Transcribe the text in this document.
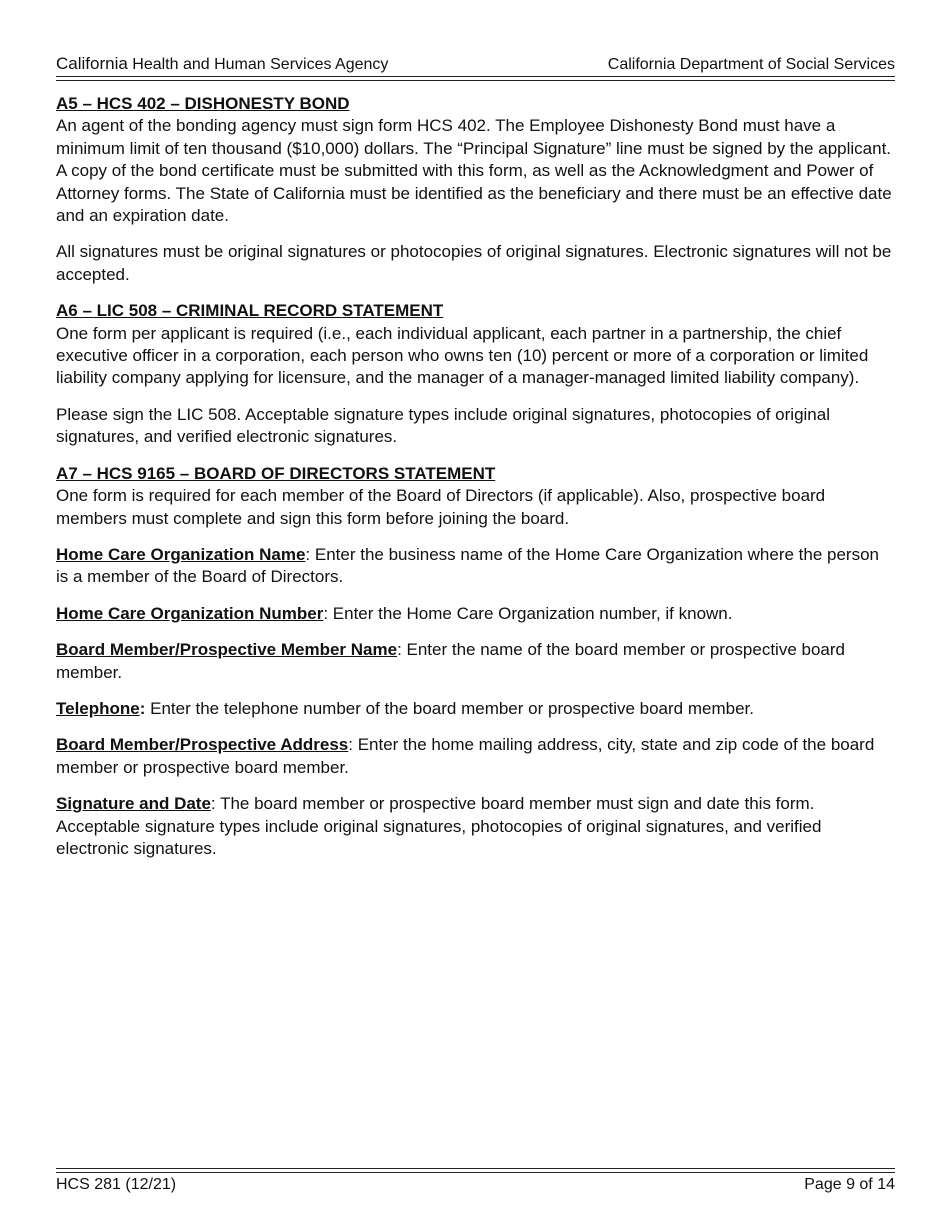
California Health and Human Services Agency	California Department of Social Services

A5 – HCS 402 – DISHONESTY BOND

An agent of the bonding agency must sign form HCS 402. The Employee Dishonesty Bond must have a minimum limit of ten thousand ($10,000) dollars. The “Principal Signature” line must be signed by the applicant. A copy of the bond certificate must be submitted with this form, as well as the Acknowledgment and Power of Attorney forms. The State of California must be identified as the beneficiary and there must be an effective date and an expiration date.

All signatures must be original signatures or photocopies of original signatures. Electronic signatures will not be accepted.

A6 – LIC 508 – CRIMINAL RECORD STATEMENT

One form per applicant is required (i.e., each individual applicant, each partner in a partnership, the chief executive officer in a corporation, each person who owns ten (10) percent or more of a corporation or limited liability company applying for licensure, and the manager of a manager-managed limited liability company).

Please sign the LIC 508. Acceptable signature types include original signatures, photocopies of original signatures, and verified electronic signatures.

A7 – HCS 9165 – BOARD OF DIRECTORS STATEMENT

One form is required for each member of the Board of Directors (if applicable). Also, prospective board members must complete and sign this form before joining the board.

Home Care Organization Name: Enter the business name of the Home Care Organization where the person is a member of the Board of Directors.

Home Care Organization Number: Enter the Home Care Organization number, if known.

Board Member/Prospective Member Name: Enter the name of the board member or prospective board member.

Telephone: Enter the telephone number of the board member or prospective board member.

Board Member/Prospective Address: Enter the home mailing address, city, state and zip code of the board member or prospective board member.

Signature and Date: The board member or prospective board member must sign and date this form. Acceptable signature types include original signatures, photocopies of original signatures, and verified electronic signatures.

HCS 281 (12/21)	Page 9 of 14
